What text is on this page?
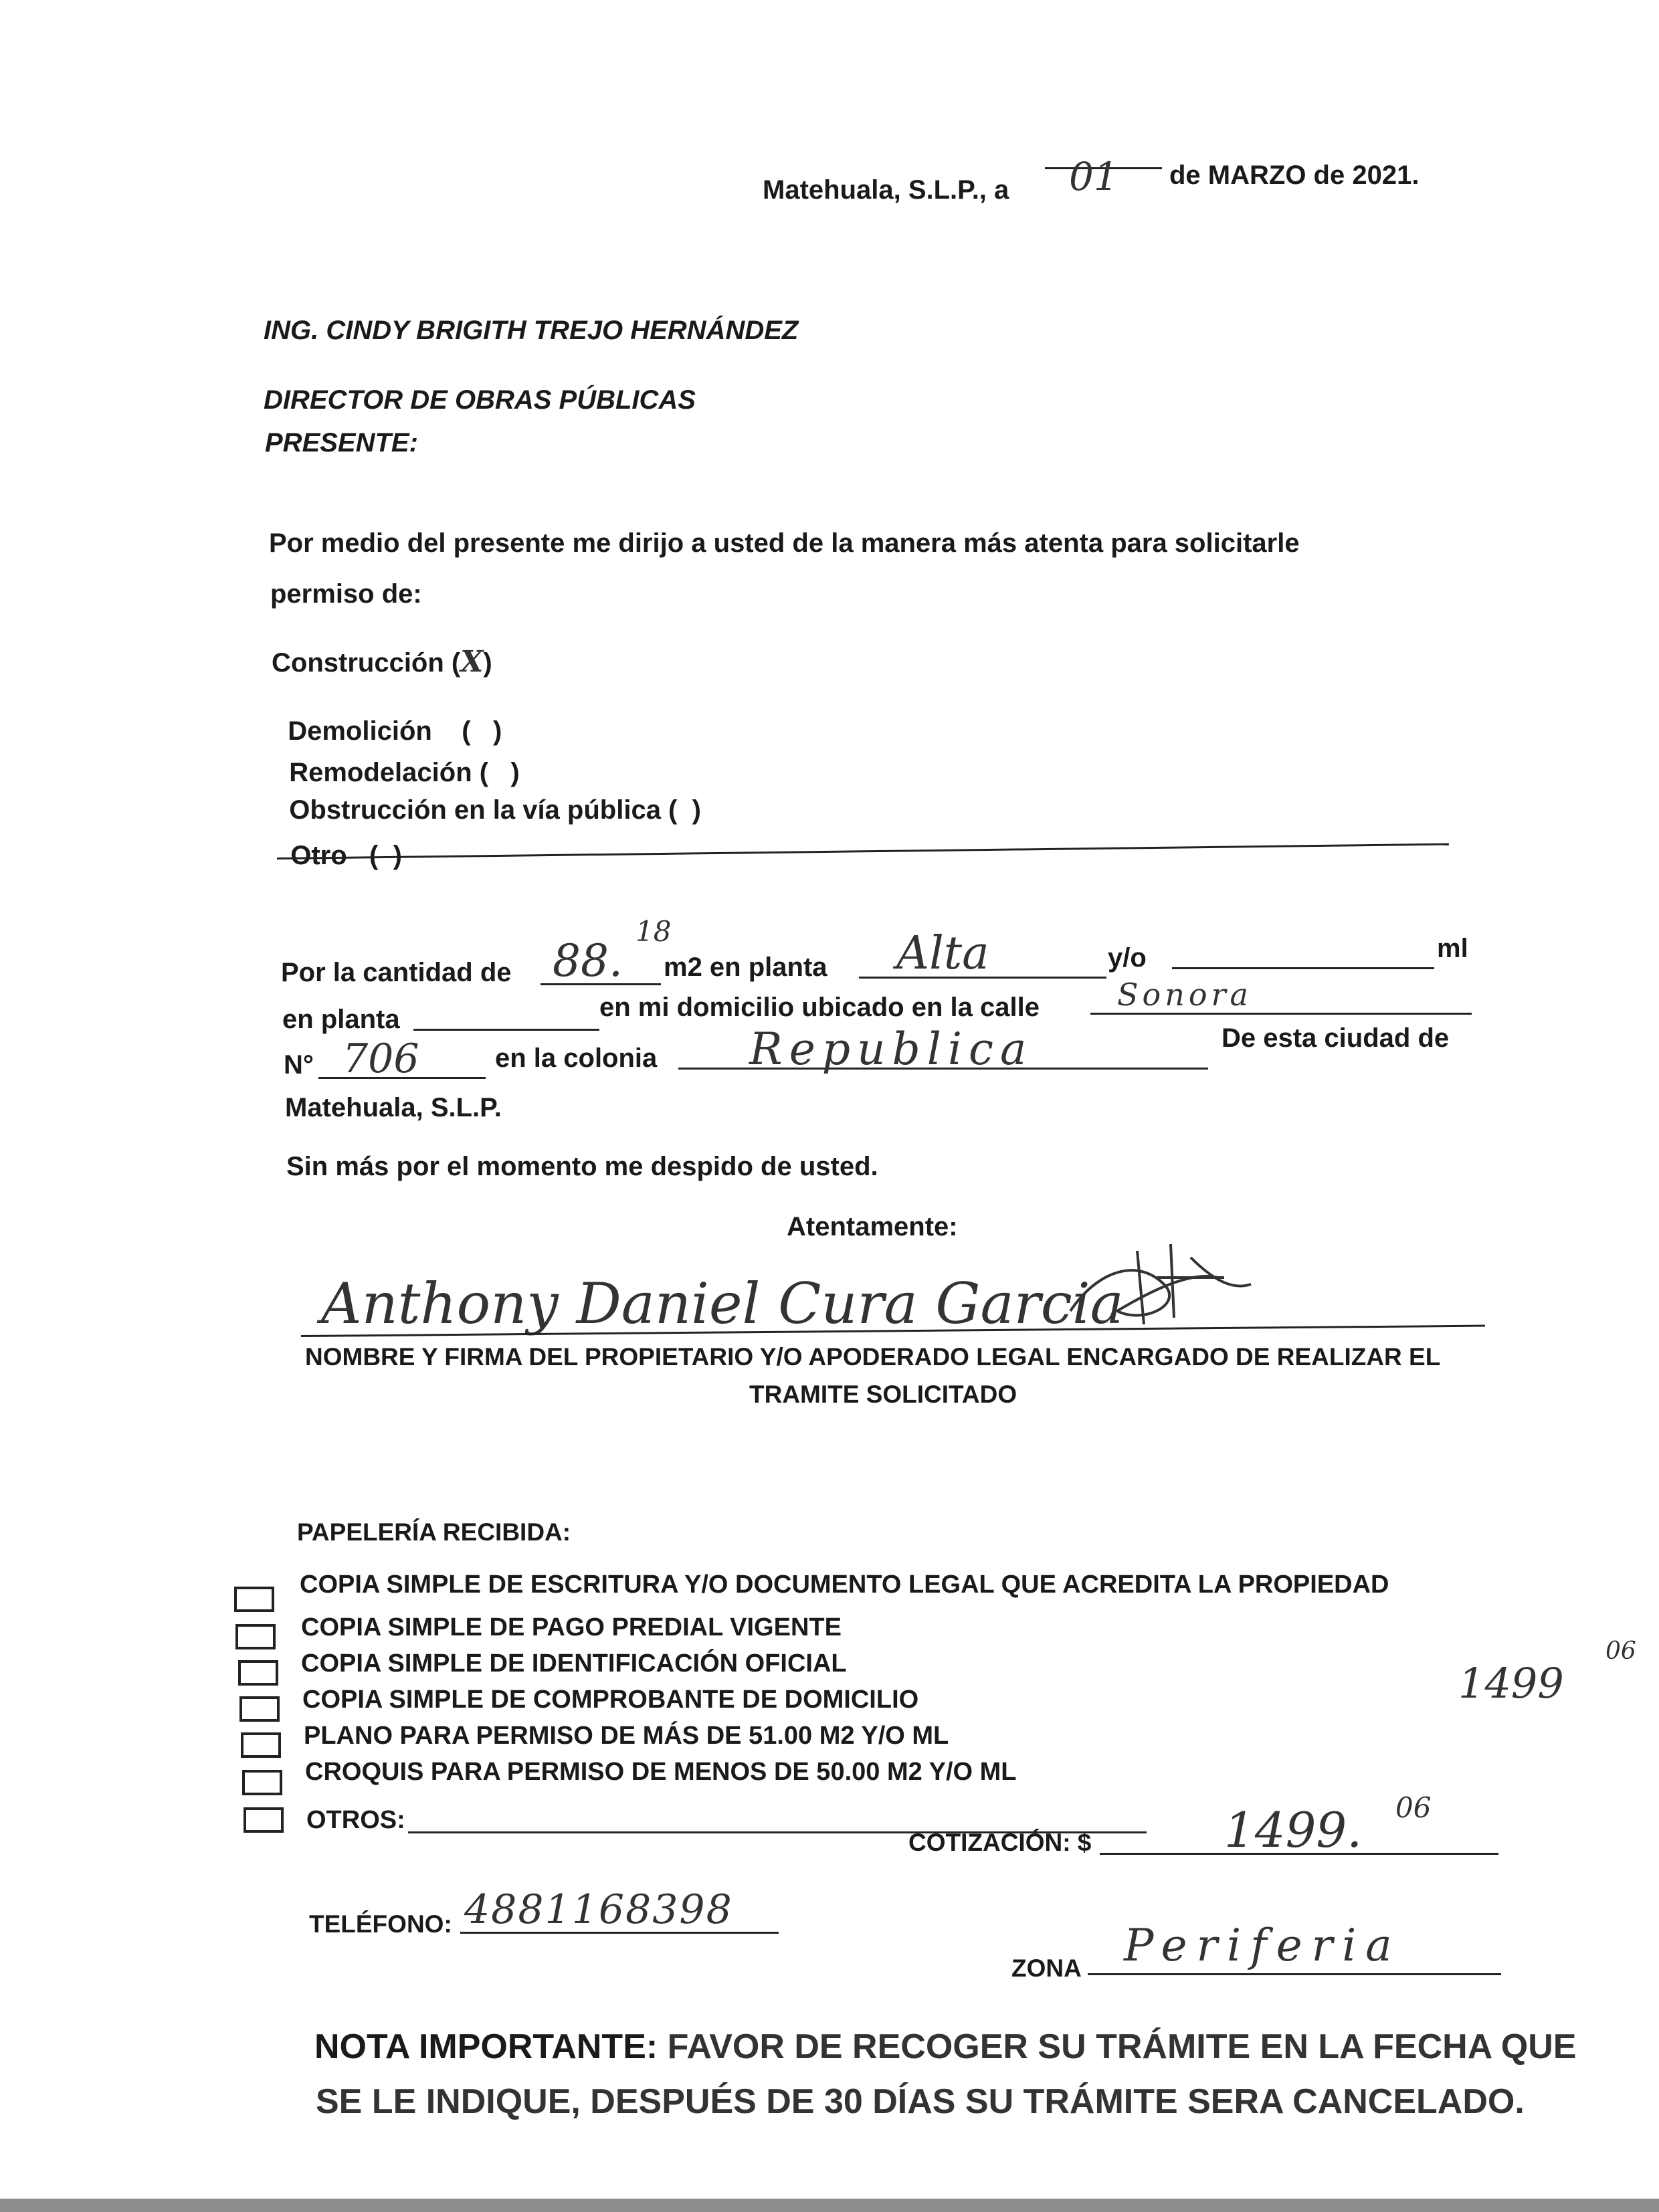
Matehuala, S.L.P., a 01 de MARZO de 2021.
ING. CINDY BRIGITH TREJO HERNÁNDEZ
DIRECTOR DE OBRAS PÚBLICAS
PRESENTE:
Por medio del presente me dirijo a usted de la manera más atenta para solicitarle
permiso de:
Construcción (X)

Demolición    ( )

Remodelación ( )

Obstrucción en la vía pública ( )

Otro   ( )

Por la cantidad de 88.
18
m2 en planta Alta	y/o	ml
en planta	en mi domicilio ubicado en la calle	Sonora
N° 706	en la colonia Republica	De esta ciudad de
Matehuala, S.L.P.
Sin más por el momento me despido de usted.
Atentamente:
Anthony Daniel Cura Garcia
NOMBRE Y FIRMA DEL PROPIETARIO Y/O APODERADO LEGAL ENCARGADO DE REALIZAR EL
TRAMITE SOLICITADO
PAPELERÍA RECIBIDA:
COPIA SIMPLE DE ESCRITURA Y/O DOCUMENTO LEGAL QUE ACREDITA LA PROPIEDAD
COPIA SIMPLE DE PAGO PREDIAL VIGENTE
COPIA SIMPLE DE IDENTIFICACIÓN OFICIAL
COPIA SIMPLE DE COMPROBANTE DE DOMICILIO
PLANO PARA PERMISO DE MÁS DE 51.00 M2 Y/O ML
CROQUIS PARA PERMISO DE MENOS DE 50.00 M2 Y/O ML
OTROS:
1499
06
COTIZACIÓN: $	1499. 06
TELÉFONO: 4881168398
ZONA Periferia
NOTA IMPORTANTE: FAVOR DE RECOGER SU TRÁMITE EN LA FECHA QUE
SE LE INDIQUE, DESPUÉS DE 30 DÍAS SU TRÁMITE SERA CANCELADO.
